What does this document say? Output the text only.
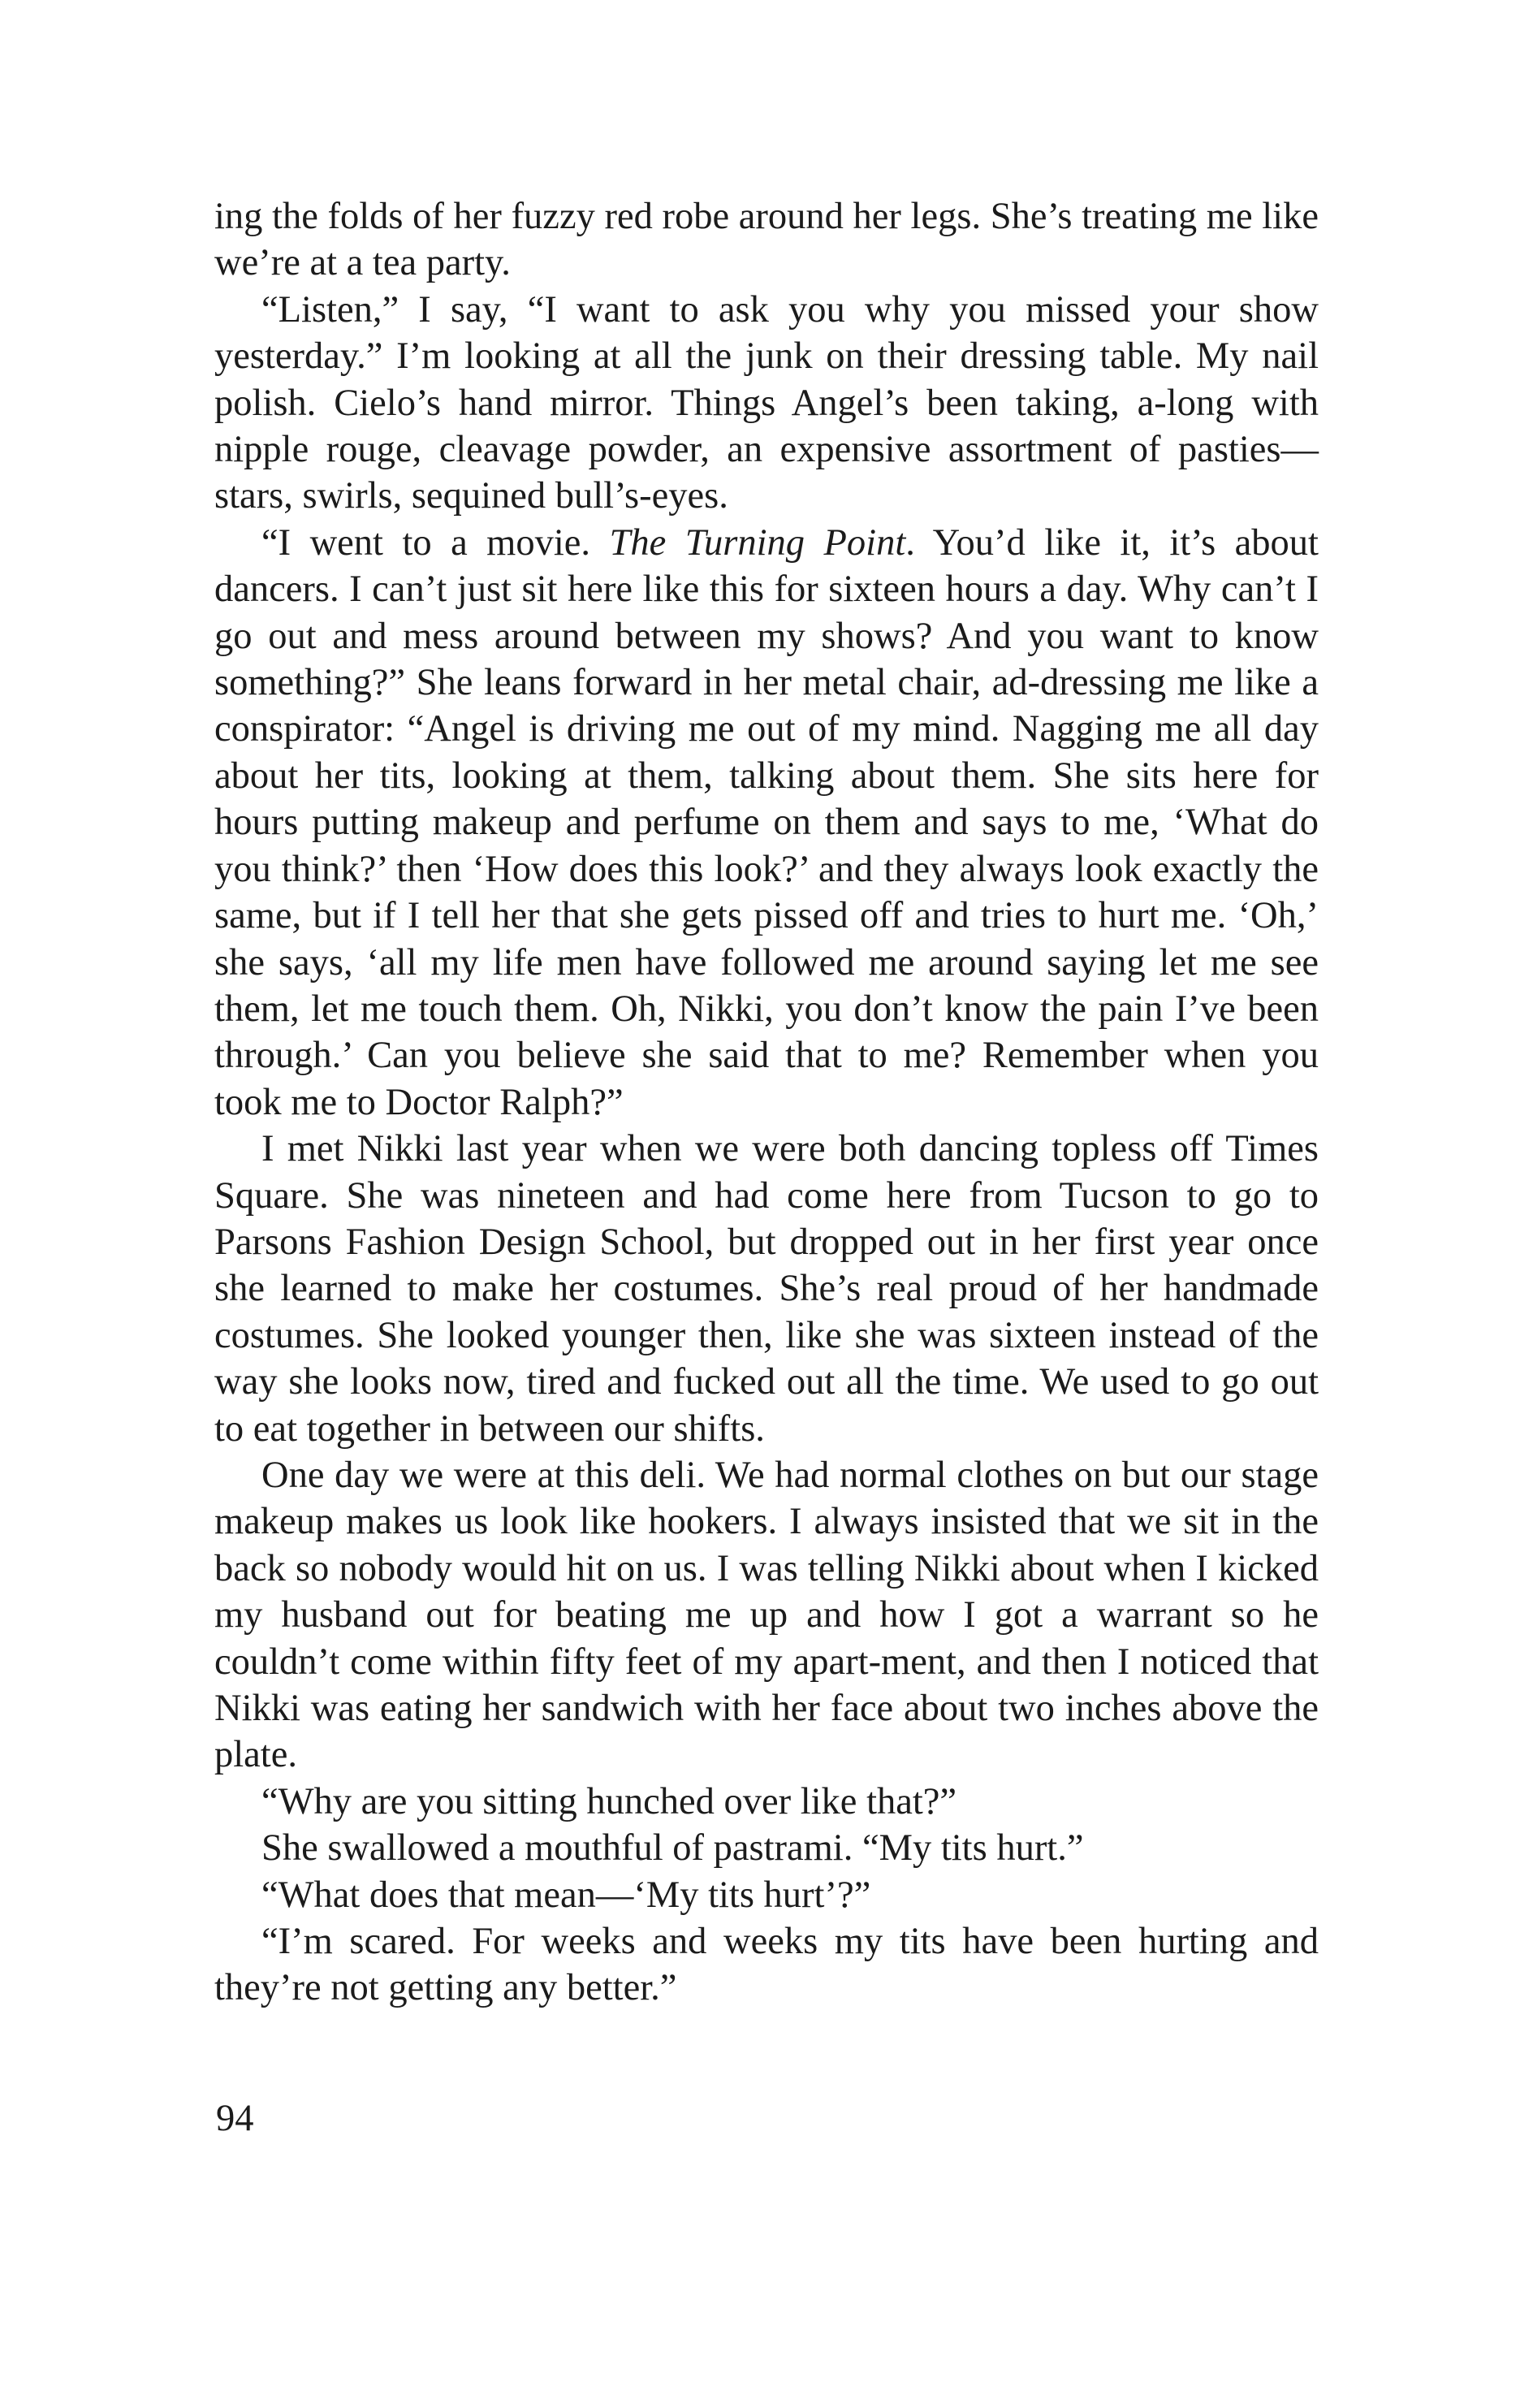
ing the folds of her fuzzy red robe around her legs. She’s treating me like we’re at a tea party.

“Listen,” I say, “I want to ask you why you missed your show yesterday.” I’m looking at all the junk on their dressing table. My nail polish. Cielo’s hand mirror. Things Angel’s been taking, a-long with nipple rouge, cleavage powder, an expensive assortment of pasties—stars, swirls, sequined bull’s-eyes.

“I went to a movie. The Turning Point. You’d like it, it’s about dancers. I can’t just sit here like this for sixteen hours a day. Why can’t I go out and mess around between my shows? And you want to know something?” She leans forward in her metal chair, ad-dressing me like a conspirator: “Angel is driving me out of my mind. Nagging me all day about her tits, looking at them, talking about them. She sits here for hours putting makeup and perfume on them and says to me, ‘What do you think?’ then ‘How does this look?’ and they always look exactly the same, but if I tell her that she gets pissed off and tries to hurt me. ‘Oh,’ she says, ‘all my life men have followed me around saying let me see them, let me touch them. Oh, Nikki, you don’t know the pain I’ve been through.’ Can you believe she said that to me? Remember when you took me to Doctor Ralph?”

I met Nikki last year when we were both dancing topless off Times Square. She was nineteen and had come here from Tucson to go to Parsons Fashion Design School, but dropped out in her first year once she learned to make her costumes. She’s real proud of her handmade costumes. She looked younger then, like she was sixteen instead of the way she looks now, tired and fucked out all the time. We used to go out to eat together in between our shifts.

One day we were at this deli. We had normal clothes on but our stage makeup makes us look like hookers. I always insisted that we sit in the back so nobody would hit on us. I was telling Nikki about when I kicked my husband out for beating me up and how I got a warrant so he couldn’t come within fifty feet of my apart-ment, and then I noticed that Nikki was eating her sandwich with her face about two inches above the plate.

“Why are you sitting hunched over like that?”

She swallowed a mouthful of pastrami. “My tits hurt.”

“What does that mean—‘My tits hurt’?”

“I’m scared. For weeks and weeks my tits have been hurting and they’re not getting any better.”

94
